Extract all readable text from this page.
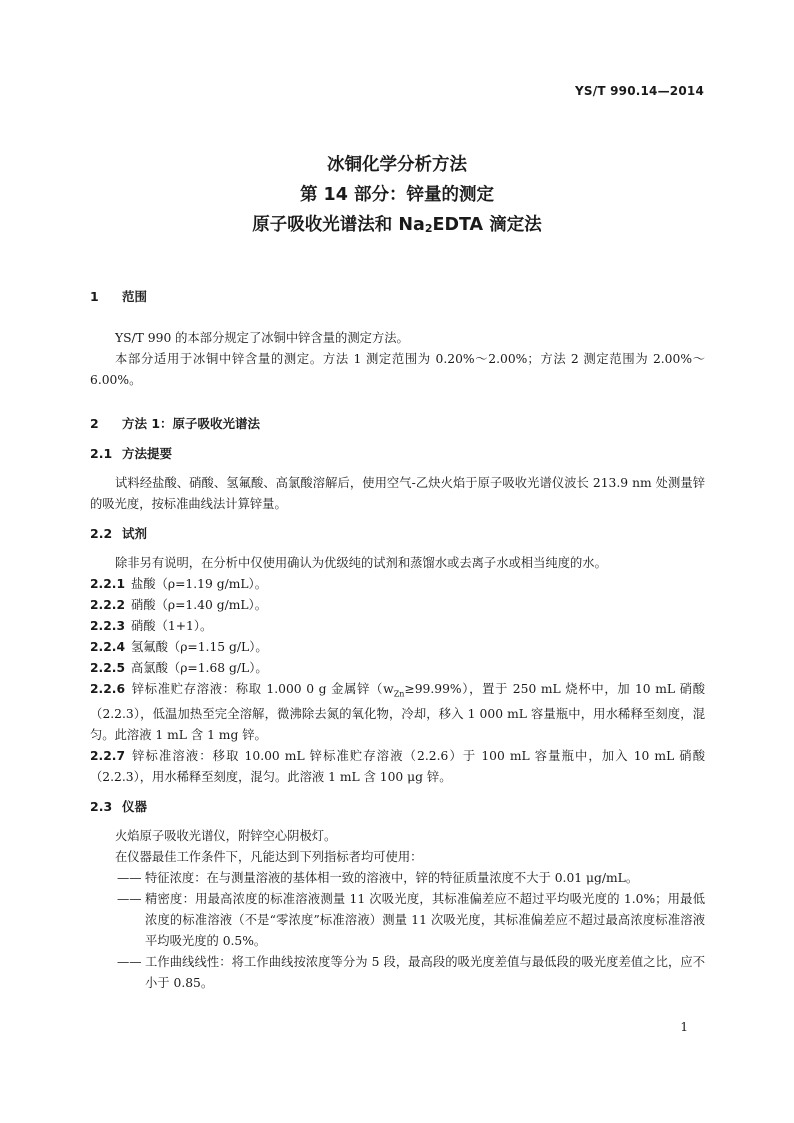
YS/T 990.14—2014
冰铜化学分析方法
第 14 部分：锌量的测定
原子吸收光谱法和 $Na_2EDTA$ 滴定法
1 范围
YS/T 990 的本部分规定了冰铜中锌含量的测定方法。
本部分适用于冰铜中锌含量的测定。方法 1 测定范围为 0.20%～2.00%；方法 2 测定范围为 2.00%～6.00%。
2 方法 1：原子吸收光谱法
2.1 方法提要
试料经盐酸、硝酸、氢氟酸、高氯酸溶解后，使用空气-乙炔火焰于原子吸收光谱仪波长 213.9 nm 处测量锌的吸光度，按标准曲线法计算锌量。
2.2 试剂
除非另有说明，在分析中仅使用确认为优级纯的试剂和蒸馏水或去离子水或相当纯度的水。
2.2.1 盐酸（ρ=1.19 g/mL）。
2.2.2 硝酸（ρ=1.40 g/mL）。
2.2.3 硝酸（1+1）。
2.2.4 氢氟酸（ρ=1.15 g/L）。
2.2.5 高氯酸（ρ=1.68 g/L）。
2.2.6 锌标准贮存溶液：称取 1.000 0 g 金属锌$(w_{Zn}\ge 99.99\%)$，置于 250 mL 烧杯中，加 10 mL 硝酸（2.2.3），低温加热至完全溶解，微沸除去氮的氧化物，冷却，移入 1 000 mL 容量瓶中，用水稀释至刻度，混匀。此溶液 1 mL 含 1 mg 锌。
2.2.7 锌标准溶液：移取 10.00 mL 锌标准贮存溶液（2.2.6）于 100 mL 容量瓶中，加入 10 mL 硝酸（2.2.3），用水稀释至刻度，混匀。此溶液 1 mL 含 100 μg 锌。
2.3 仪器
火焰原子吸收光谱仪，附锌空心阴极灯。
在仪器最佳工作条件下，凡能达到下列指标者均可使用：
—— 特征浓度：在与测量溶液的基体相一致的溶液中，锌的特征质量浓度不大于 0.01 μg/mL。
—— 精密度：用最高浓度的标准溶液测量 11 次吸光度，其标准偏差应不超过平均吸光度的 1.0%；用最低浓度的标准溶液（不是“零浓度”标准溶液）测量 11 次吸光度，其标准偏差应不超过最高浓度标准溶液平均吸光度的 0.5%。
—— 工作曲线线性：将工作曲线按浓度等分为 5 段，最高段的吸光度差值与最低段的吸光度差值之比，应不小于 0.85。
1
